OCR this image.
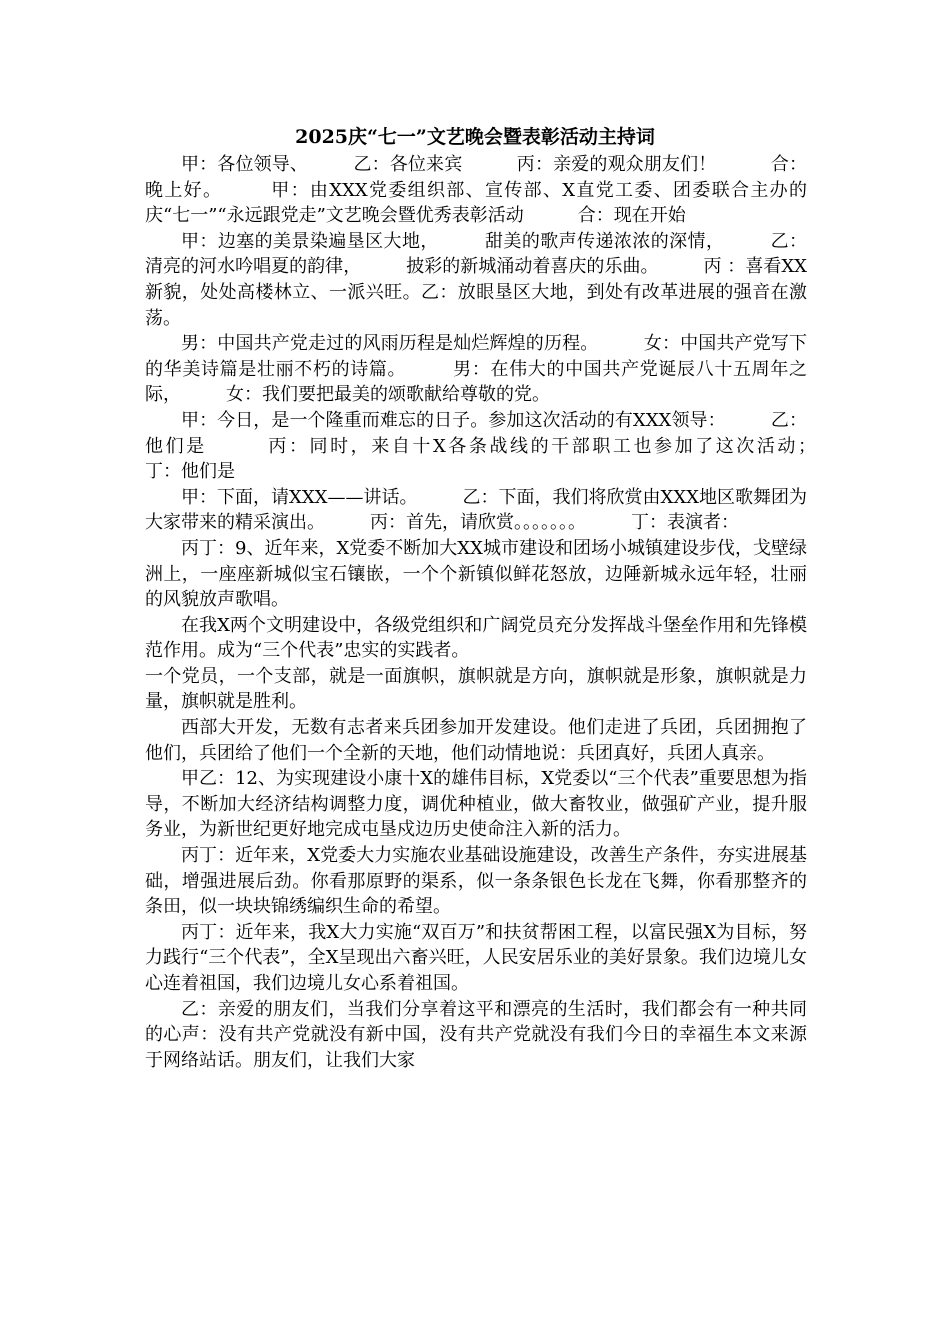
2025庆“七一”文艺晚会暨表彰活动主持词

甲：各位领导、　　　乙：各位来宾　　　丙：亲爱的观众朋友们！　　　合：晚上好。　　　甲：由XXX党委组织部、宣传部、X直党工委、团委联合主办的庆“七一”“永远跟党走”文艺晚会暨优秀表彰活动　　　合：现在开始

甲：边塞的美景染遍垦区大地，　　　甜美的歌声传递浓浓的深情，　　　乙：清亮的河水吟唱夏的韵律，　　　披彩的新城涌动着喜庆的乐曲。　　　丙 ：喜看XX新貌，处处高楼林立、一派兴旺。乙：放眼垦区大地，到处有改革进展的强音在激荡。

男：中国共产党走过的风雨历程是灿烂辉煌的历程。　　　女：中国共产党写下的华美诗篇是壮丽不朽的诗篇。　　　男：在伟大的中国共产党诞辰八十五周年之际，　　　女：我们要把最美的颂歌献给尊敬的党。

甲：今日，是一个隆重而难忘的日子。参加这次活动的有XXX领导：　　　乙：他们是　　　丙：同时，来自十X各条战线的干部职工也参加了这次活动；　　　丁：他们是

甲：下面，请XXX——讲话。　　　乙：下面，我们将欣赏由XXX地区歌舞团为大家带来的精采演出。　　　丙：首先，请欣赏。。。。。。。　　　丁：表演者：

丙丁：9、近年来，X党委不断加大XX城市建设和团场小城镇建设步伐，戈壁绿洲上，一座座新城似宝石镶嵌，一个个新镇似鲜花怒放，边陲新城永远年轻，壮丽的风貌放声歌唱。

在我X两个文明建设中，各级党组织和广阔党员充分发挥战斗堡垒作用和先锋模范作用。成为“三个代表”忠实的实践者。

一个党员，一个支部，就是一面旗帜，旗帜就是方向，旗帜就是形象，旗帜就是力量，旗帜就是胜利。

西部大开发，无数有志者来兵团参加开发建设。他们走进了兵团，兵团拥抱了他们，兵团给了他们一个全新的天地，他们动情地说：兵团真好，兵团人真亲。

甲乙：12、为实现建设小康十X的雄伟目标，X党委以“三个代表”重要思想为指导，不断加大经济结构调整力度，调优种植业，做大畜牧业，做强矿产业，提升服务业，为新世纪更好地完成屯垦戍边历史使命注入新的活力。

丙丁：近年来，X党委大力实施农业基础设施建设，改善生产条件，夯实进展基础，增强进展后劲。你看那原野的渠系，似一条条银色长龙在飞舞，你看那整齐的条田，似一块块锦绣编织生命的希望。

丙丁：近年来，我X大力实施“双百万”和扶贫帮困工程，以富民强X为目标，努力践行“三个代表”，全X呈现出六畜兴旺，人民安居乐业的美好景象。我们边境儿女心连着祖国，我们边境儿女心系着祖国。

乙：亲爱的朋友们，当我们分享着这平和漂亮的生活时，我们都会有一种共同的心声：没有共产党就没有新中国，没有共产党就没有我们今日的幸福生本文来源于网络站话。朋友们，让我们大家
